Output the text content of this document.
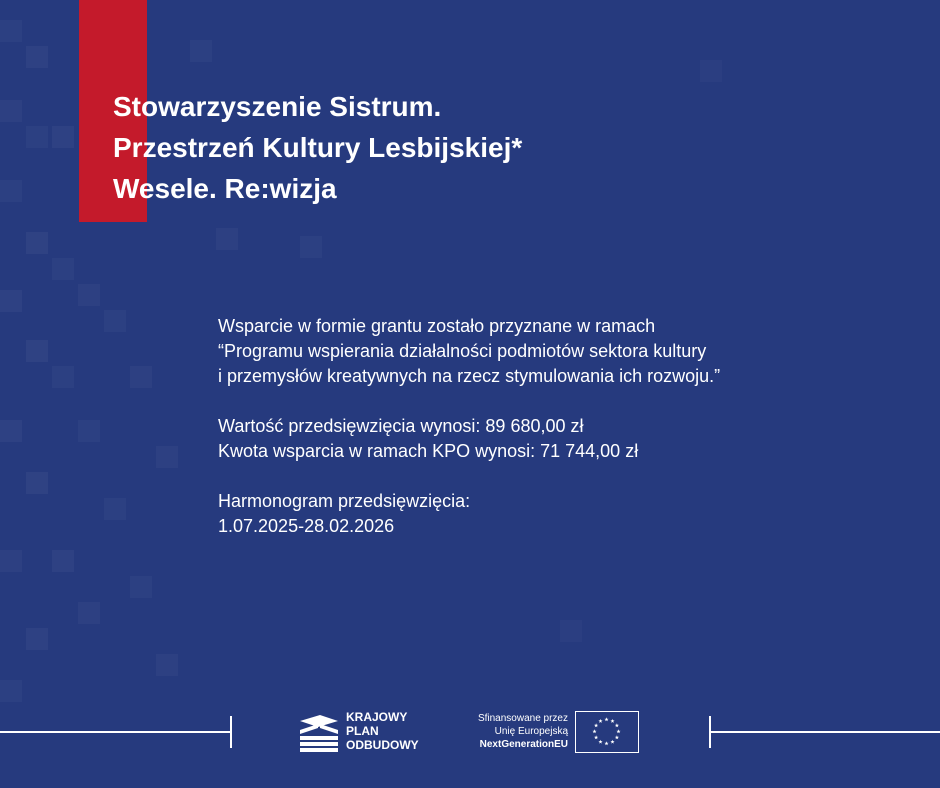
Stowarzyszenie Sistrum.
Przestrzeń Kultury Lesbijskiej*
Wesele. Re:wizja

Wsparcie w formie grantu zostało przyznane w ramach
“Programu wspierania działalności podmiotów sektora kultury
i przemysłów kreatywnych na rzecz stymulowania ich rozwoju.”

Wartość przedsięwzięcia wynosi: 89 680,00 zł
Kwota wsparcia w ramach KPO wynosi: 71 744,00 zł

Harmonogram przedsięwzięcia:
1.07.2025-28.02.2026

KRAJOWY
PLAN
ODBUDOWY
Sfinansowane przez
Unię Europejską
NextGenerationEU
